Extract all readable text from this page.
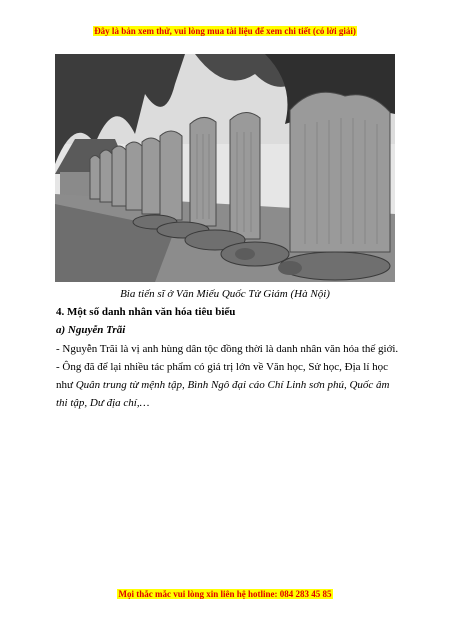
Đây là bản xem thử, vui lòng mua tài liệu để xem chi tiết (có lời giải)
Bia tiến sĩ ở Văn Miếu Quốc Tử Giám (Hà Nội)
4. Một số danh nhân văn hóa tiêu biểu
a) Nguyễn Trãi
- Nguyễn Trãi là vị anh hùng dân tộc đồng thời là danh nhân văn hóa thế giới.
- Ông đã để lại nhiều tác phẩm có giá trị lớn về Văn học, Sử học, Địa lí học
như Quân trung từ mệnh tập, Bình Ngô đại cáo Chí Linh sơn phú, Quốc âm
thi tập, Dư địa chí,…
Mọi thắc mắc vui lòng xin liên hệ hotline: 084 283 45 85
